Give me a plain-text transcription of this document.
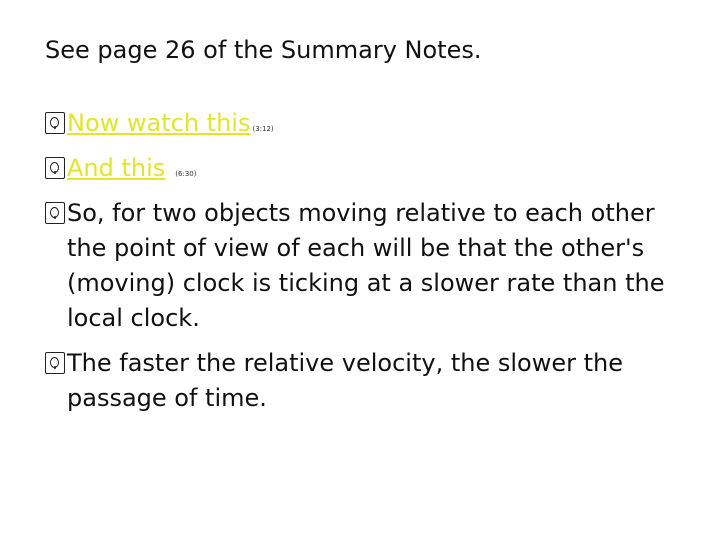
See page 26 of the Summary Notes.
Now watch this (3:12)
And this (6:30)
So, for two objects moving relative to each other the point of view of each will be that the other's (moving) clock is ticking at a slower rate than the local clock.
The faster the relative velocity, the slower the passage of time.
